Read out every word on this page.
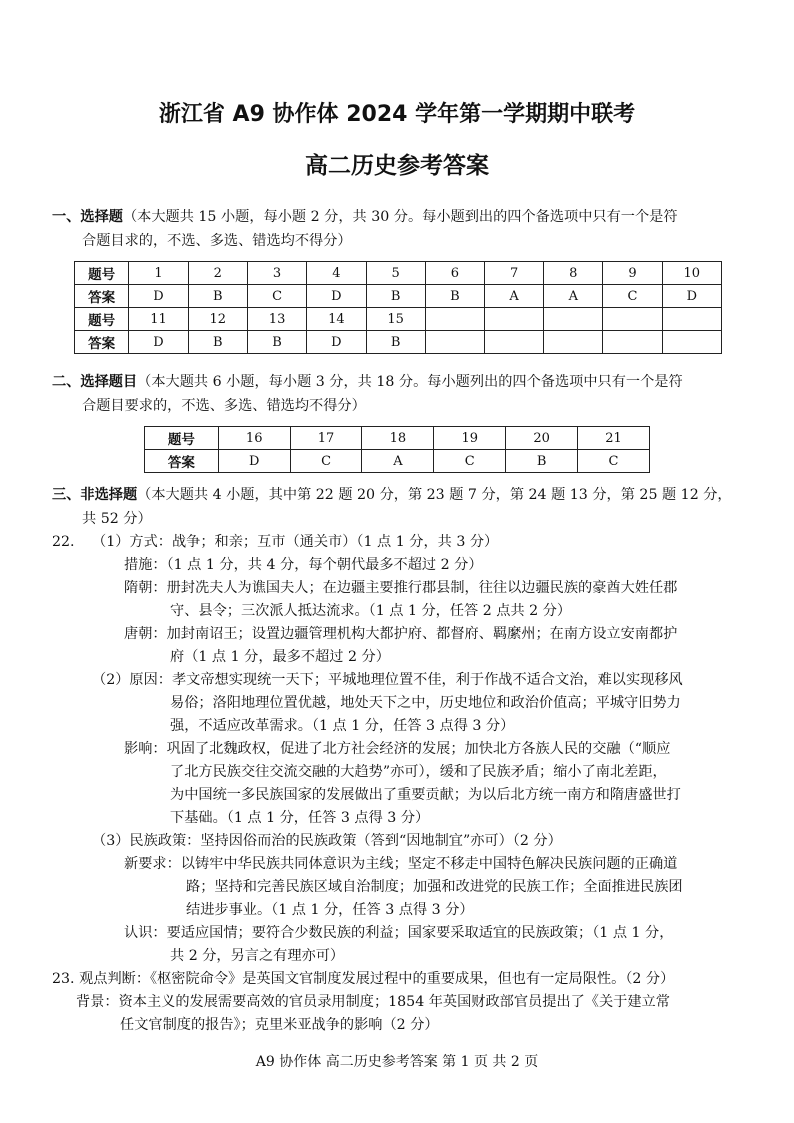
浙江省 A9 协作体 2024 学年第一学期期中联考
高二历史参考答案
一、选择题（本大题共 15 小题，每小题 2 分，共 30 分。每小题到出的四个备选项中只有一个是符
合题目求的，不选、多选、错选均不得分）
题号	1	2	3	4	5	6	7	8	9	10
答案	D	B	C	D	B	B	A	A	C	D
题号	11	12	13	14	15					
答案	D	B	B	D	B					
二、选择题目（本大题共 6 小题，每小题 3 分，共 18 分。每小题列出的四个备选项中只有一个是符
合题目要求的，不选、多选、错选均不得分）
题号	16	17	18	19	20	21
答案	D	C	A	C	B	C
三、非选择题（本大题共 4 小题，其中第 22 题 20 分，第 23 题 7 分，第 24 题 13 分，第 25 题 12 分，
共 52 分）
22. （1）方式：战争；和亲；互市（通关市）（1 点 1 分，共 3 分）
措施：（1 点 1 分，共 4 分，每个朝代最多不超过 2 分）
隋朝：册封冼夫人为谯国夫人；在边疆主要推行郡县制，往往以边疆民族的豪酋大姓任郡
守、县令；三次派人抵达流求。（1 点 1 分，任答 2 点共 2 分）
唐朝：加封南诏王；设置边疆管理机构大都护府、都督府、羁縻州；在南方设立安南都护
府（1 点 1 分，最多不超过 2 分）
（2）原因：孝文帝想实现统一天下；平城地理位置不佳，利于作战不适合文治，难以实现移风
易俗；洛阳地理位置优越，地处天下之中，历史地位和政治价值高；平城守旧势力
强，不适应改革需求。（1 点 1 分，任答 3 点得 3 分）
影响：巩固了北魏政权，促进了北方社会经济的发展；加快北方各族人民的交融（“顺应
了北方民族交往交流交融的大趋势”亦可），缓和了民族矛盾；缩小了南北差距，
为中国统一多民族国家的发展做出了重要贡献；为以后北方统一南方和隋唐盛世打
下基础。（1 点 1 分，任答 3 点得 3 分）
（3）民族政策：坚持因俗而治的民族政策（答到“因地制宜”亦可）（2 分）
新要求：以铸牢中华民族共同体意识为主线；坚定不移走中国特色解决民族问题的正确道
路；坚持和完善民族区域自治制度；加强和改进党的民族工作；全面推进民族团
结进步事业。（1 点 1 分，任答 3 点得 3 分）
认识：要适应国情；要符合少数民族的利益；国家要采取适宜的民族政策；（1 点 1 分，
共 2 分，另言之有理亦可）
23. 观点判断：《枢密院命令》是英国文官制度发展过程中的重要成果，但也有一定局限性。（2 分）
背景：资本主义的发展需要高效的官员录用制度；1854 年英国财政部官员提出了《关于建立常
任文官制度的报告》；克里米亚战争的影响（2 分）
A9 协作体 高二历史参考答案 第 1 页 共 2 页
